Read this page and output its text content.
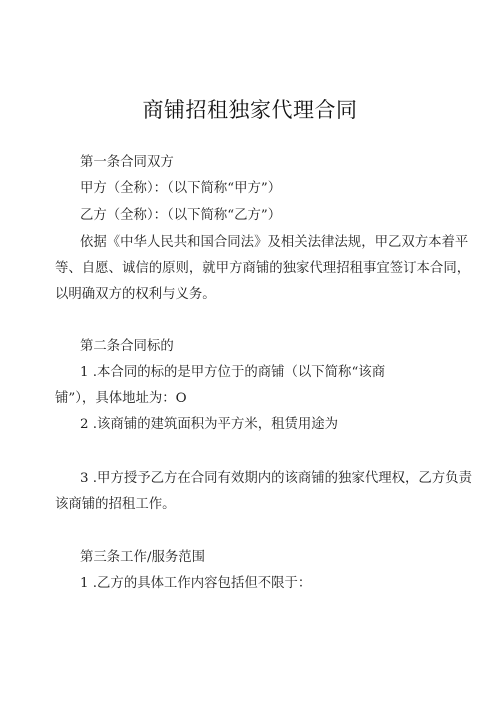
商铺招租独家代理合同
第一条合同双方
甲方（全称）：（以下简称“甲方”）
乙方（全称）：（以下简称“乙方”）
依据《中华人民共和国合同法》及相关法律法规，甲乙双方本着平
等、自愿、诚信的原则，就甲方商铺的独家代理招租事宜签订本合同，
以明确双方的权利与义务。
第二条合同标的
1 .本合同的标的是甲方位于的商铺（以下简称“该商
铺”），具体地址为：O
2 .该商铺的建筑面积为平方米，租赁用途为
3 .甲方授予乙方在合同有效期内的该商铺的独家代理权，乙方负责
该商铺的招租工作。
第三条工作/服务范围
1 .乙方的具体工作内容包括但不限于：
